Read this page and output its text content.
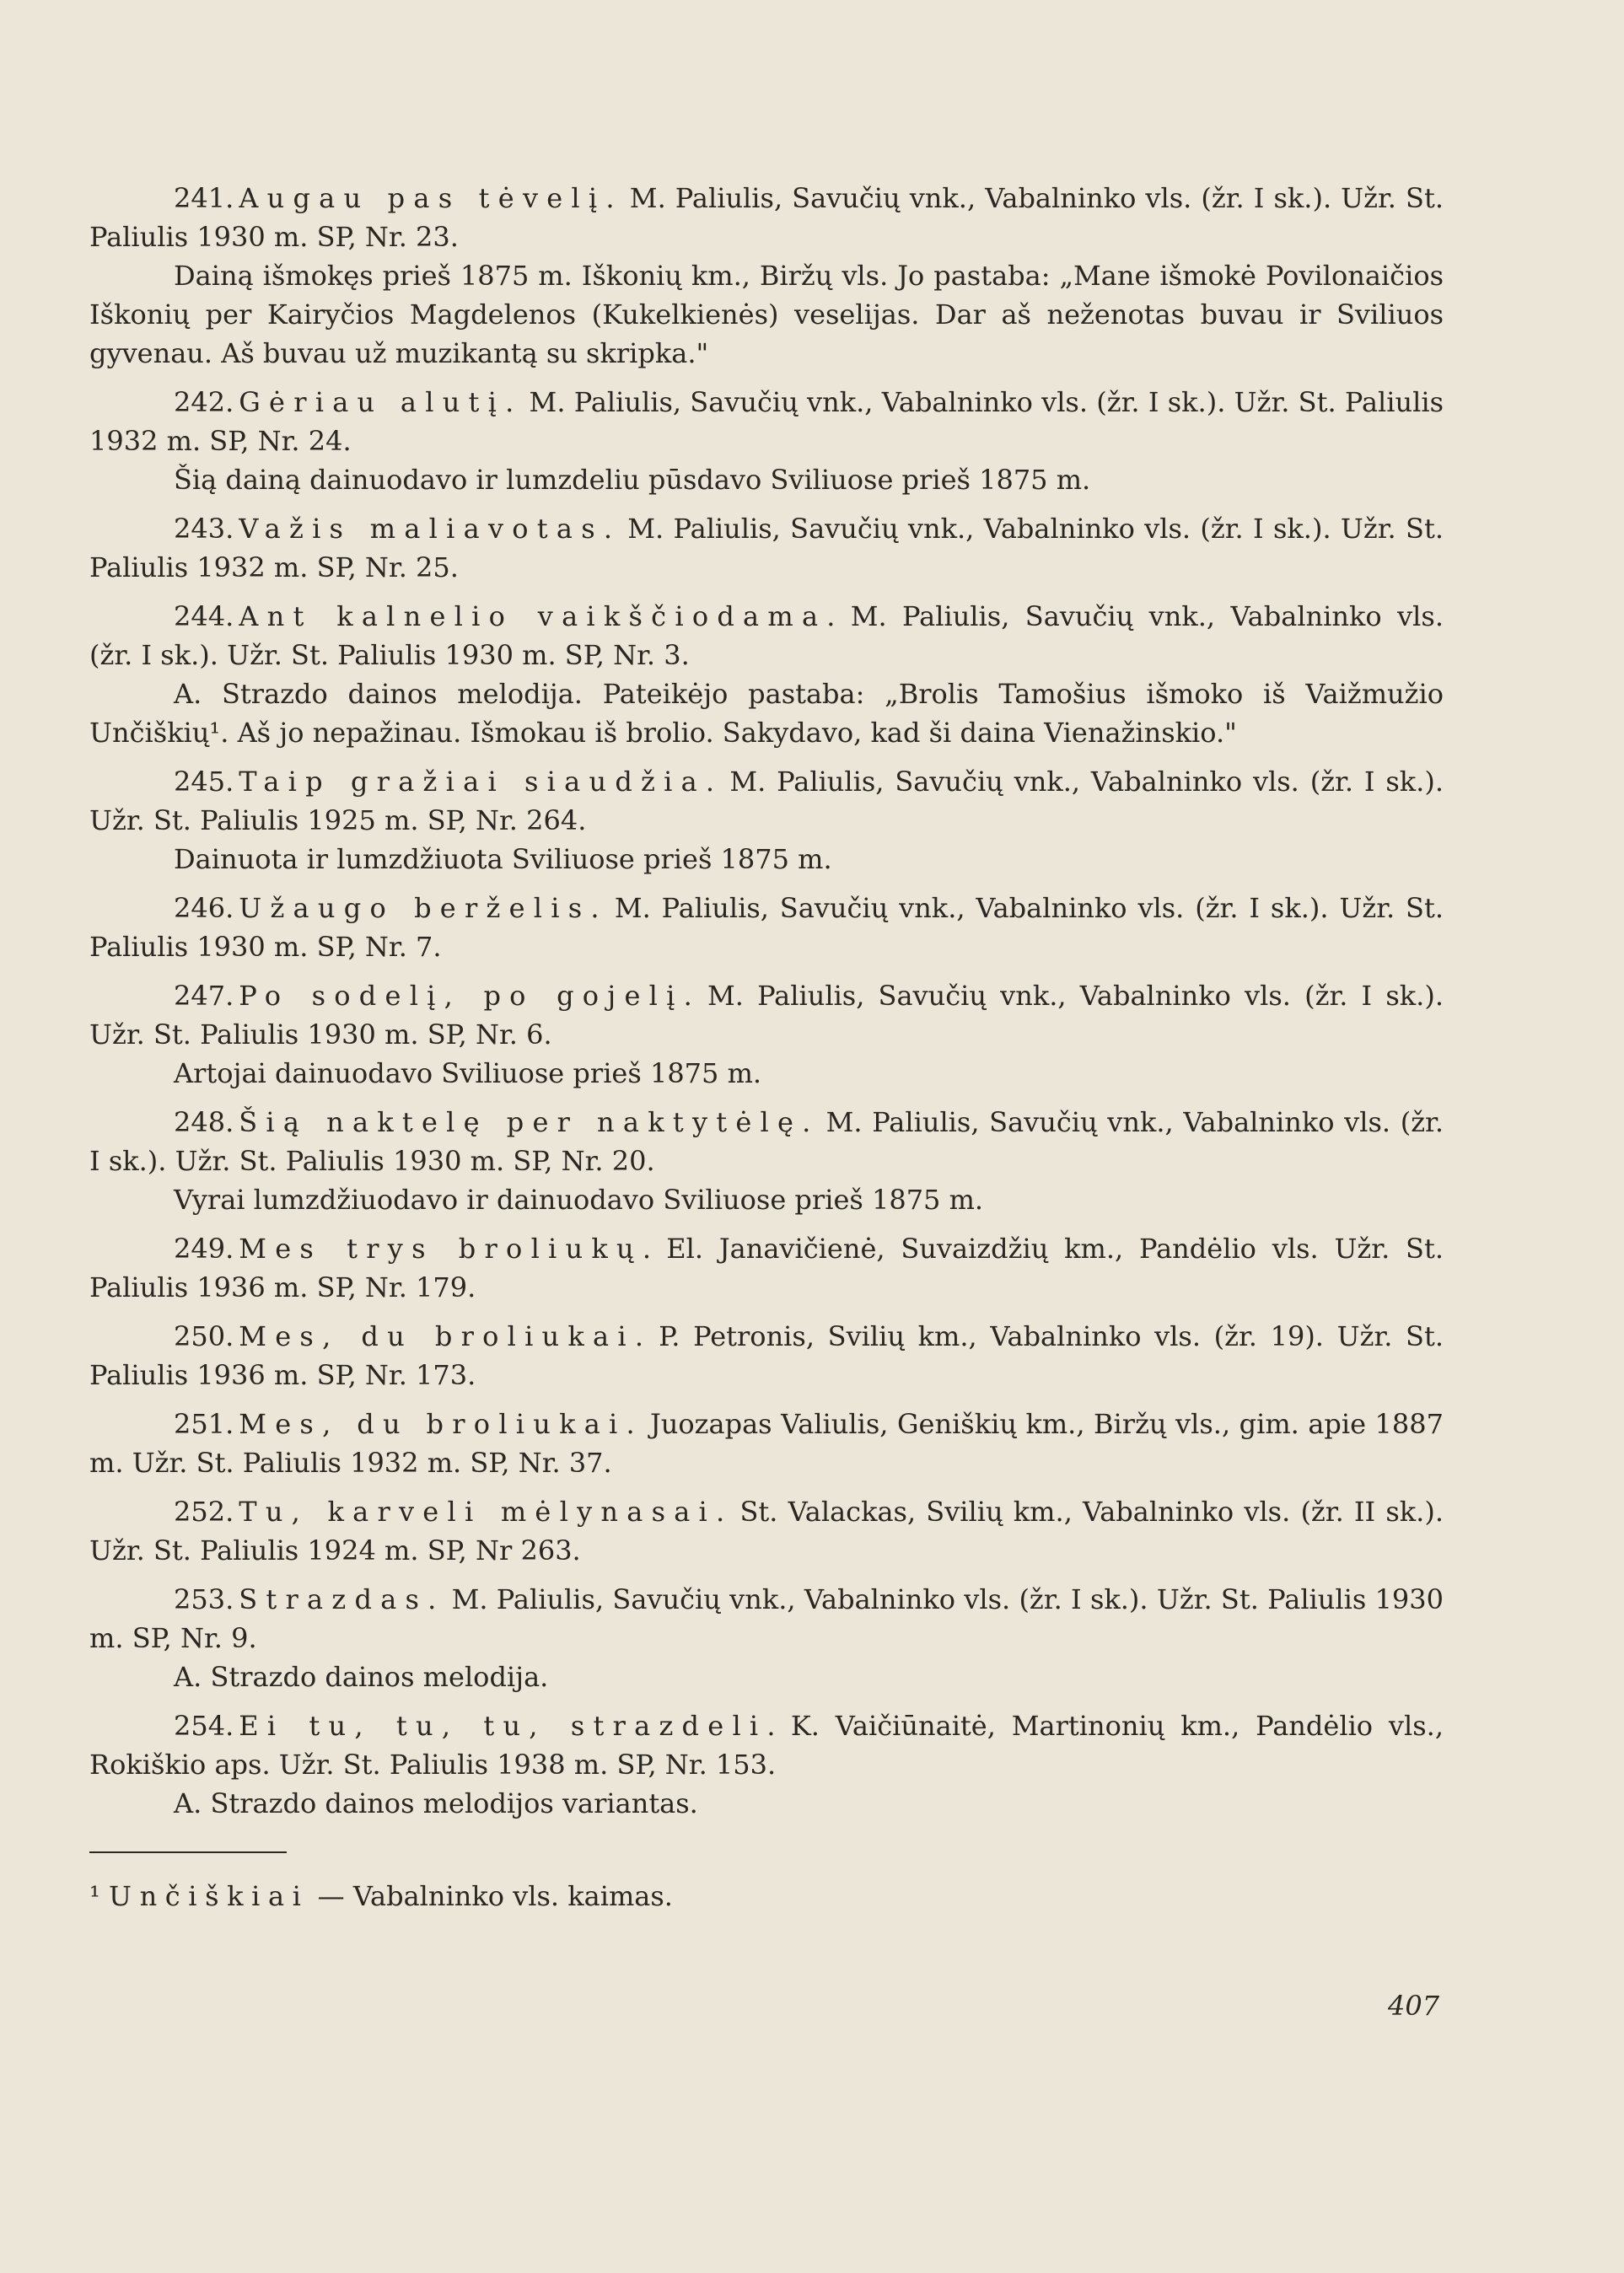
241. Augau pas tėvelį. M. Paliulis, Savučių vnk., Vabalninko vls. (žr. I sk.). Užr. St. Paliulis 1930 m. SP, Nr. 23.

Dainą išmokęs prieš 1875 m. Iškonių km., Biržų vls. Jo pastaba: „Mane išmokė Povilonaičios Iškonių per Kairyčios Magdelenos (Kukelkienės) veselijas. Dar aš neženotas buvau ir Sviliuos gyvenau. Aš buvau už muzikantą su skripka."

242. Gėriau alutį. M. Paliulis, Savučių vnk., Vabalninko vls. (žr. I sk.). Užr. St. Paliulis 1932 m. SP, Nr. 24.

Šią dainą dainuodavo ir lumzdeliu pūsdavo Sviliuose prieš 1875 m.

243. Važis maliavotas. M. Paliulis, Savučių vnk., Vabalninko vls. (žr. I sk.). Užr. St. Paliulis 1932 m. SP, Nr. 25.

244. Ant kalnelio vaikščiodama. M. Paliulis, Savučių vnk., Vabalninko vls. (žr. I sk.). Užr. St. Paliulis 1930 m. SP, Nr. 3.

A. Strazdo dainos melodija. Pateikėjo pastaba: „Brolis Tamošius išmoko iš Vaižmužio Unčiškių¹. Aš jo nepažinau. Išmokau iš brolio. Sakydavo, kad ši daina Vienažinskio."

245. Taip gražiai siaudžia. M. Paliulis, Savučių vnk., Vabalninko vls. (žr. I sk.). Užr. St. Paliulis 1925 m. SP, Nr. 264.

Dainuota ir lumzdžiuota Sviliuose prieš 1875 m.

246. Užaugo berželis. M. Paliulis, Savučių vnk., Vabalninko vls. (žr. I sk.). Užr. St. Paliulis 1930 m. SP, Nr. 7.

247. Po sodelį, po gojelį. M. Paliulis, Savučių vnk., Vabalninko vls. (žr. I sk.). Užr. St. Paliulis 1930 m. SP, Nr. 6.

Artojai dainuodavo Sviliuose prieš 1875 m.

248. Šią naktelę per naktytėlę. M. Paliulis, Savučių vnk., Vabalninko vls. (žr. I sk.). Užr. St. Paliulis 1930 m. SP, Nr. 20.

Vyrai lumzdžiuodavo ir dainuodavo Sviliuose prieš 1875 m.

249. Mes trys broliukų. El. Janavičienė, Suvaizdžių km., Pandėlio vls. Užr. St. Paliulis 1936 m. SP, Nr. 179.

250. Mes, du broliukai. P. Petronis, Svilių km., Vabalninko vls. (žr. 19). Užr. St. Paliulis 1936 m. SP, Nr. 173.

251. Mes, du broliukai. Juozapas Valiulis, Geniškių km., Biržų vls., gim. apie 1887 m. Užr. St. Paliulis 1932 m. SP, Nr. 37.

252. Tu, karveli mėlynasai. St. Valackas, Svilių km., Vabalninko vls. (žr. II sk.). Užr. St. Paliulis 1924 m. SP, Nr 263.

253. Strazdas. M. Paliulis, Savučių vnk., Vabalninko vls. (žr. I sk.). Užr. St. Paliulis 1930 m. SP, Nr. 9.

A. Strazdo dainos melodija.

254. Ei tu, tu, tu, strazdeli. K. Vaičiūnaitė, Martinonių km., Pandėlio vls., Rokiškio aps. Užr. St. Paliulis 1938 m. SP, Nr. 153.

A. Strazdo dainos melodijos variantas.

¹ Unčiškiai — Vabalninko vls. kaimas.
407
